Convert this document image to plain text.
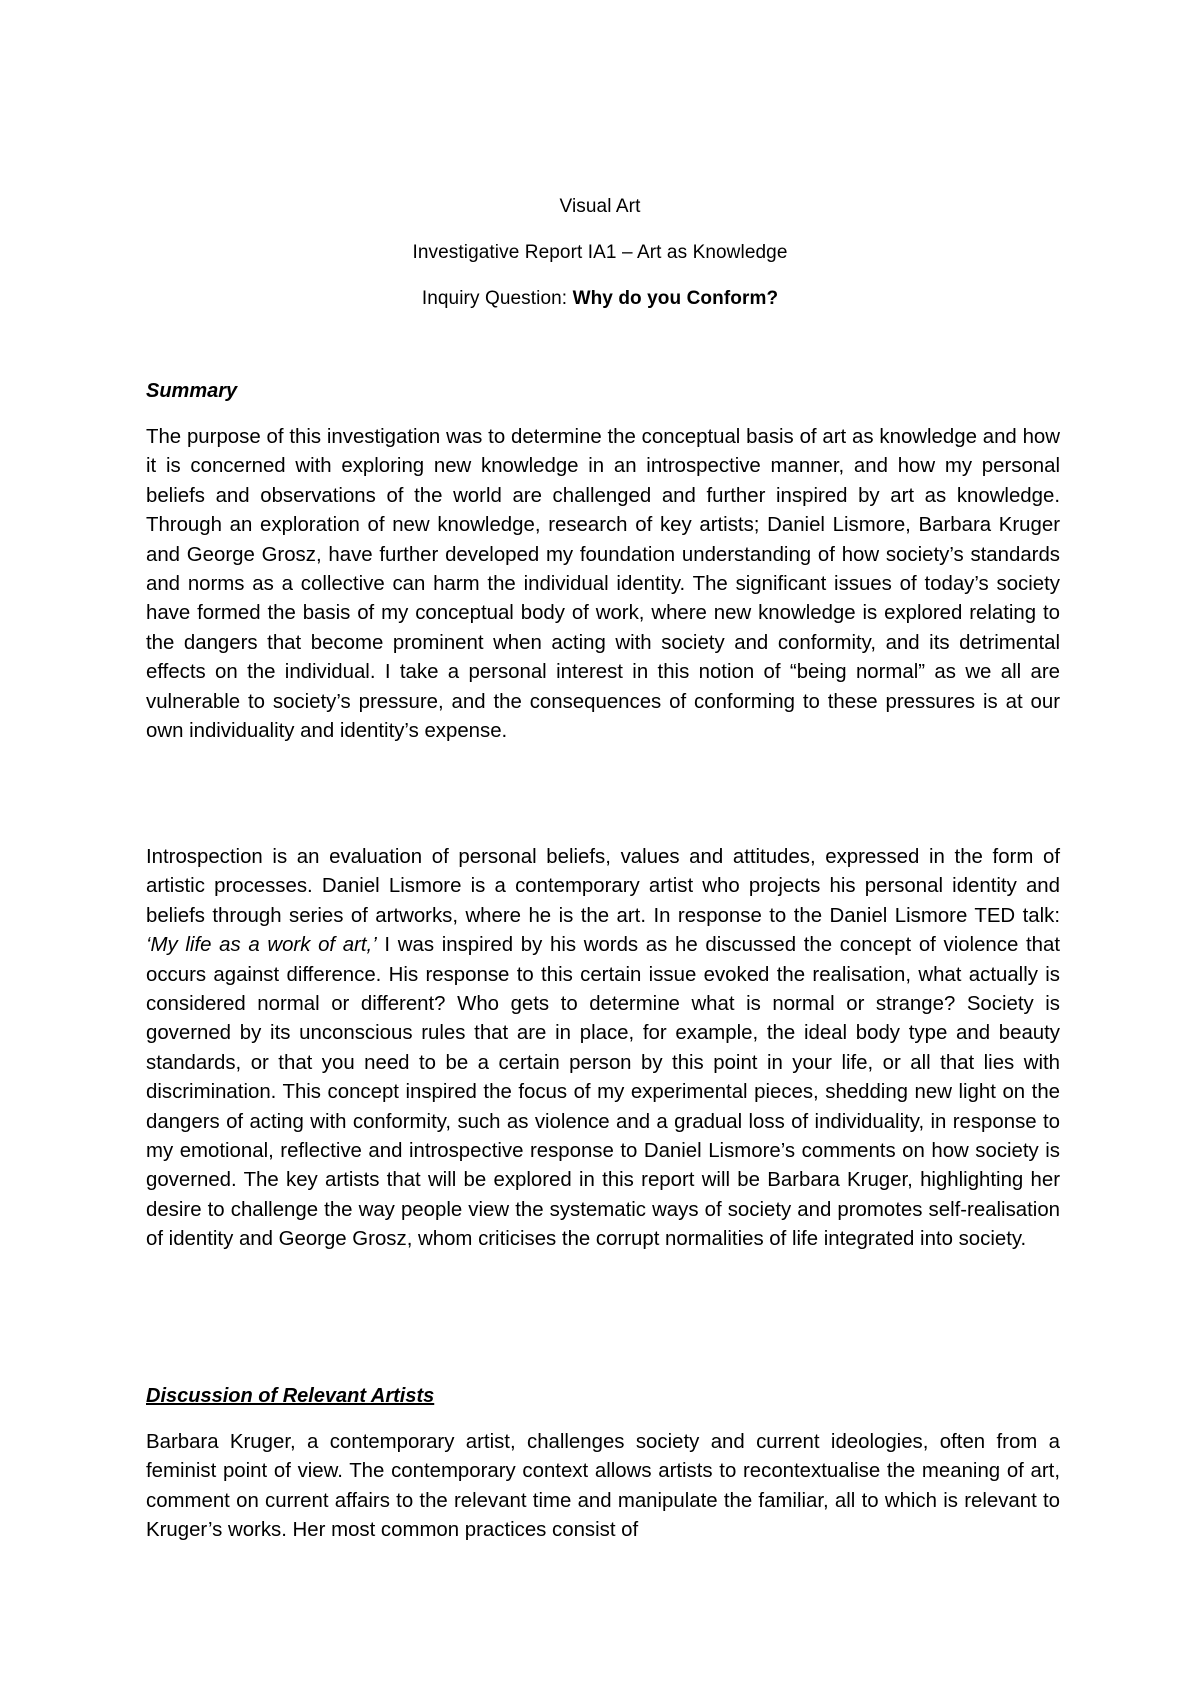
Visual Art
Investigative Report IA1 – Art as Knowledge
Inquiry Question: Why do you Conform?
Summary

The purpose of this investigation was to determine the conceptual basis of art as knowledge and how it is concerned with exploring new knowledge in an introspective manner, and how my personal beliefs and observations of the world are challenged and further inspired by art as knowledge. Through an exploration of new knowledge, research of key artists; Daniel Lismore, Barbara Kruger and George Grosz, have further developed my foundation understanding of how society’s standards and norms as a collective can harm the individual identity. The significant issues of today’s society have formed the basis of my conceptual body of work, where new knowledge is explored relating to the dangers that become prominent when acting with society and conformity, and its detrimental effects on the individual. I take a personal interest in this notion of “being normal” as we all are vulnerable to society’s pressure, and the consequences of conforming to these pressures is at our own individuality and identity’s expense.

Introspection is an evaluation of personal beliefs, values and attitudes, expressed in the form of artistic processes. Daniel Lismore is a contemporary artist who projects his personal identity and beliefs through series of artworks, where he is the art. In response to the Daniel Lismore TED talk: ‘My life as a work of art,’ I was inspired by his words as he discussed the concept of violence that occurs against difference. His response to this certain issue evoked the realisation, what actually is considered normal or different? Who gets to determine what is normal or strange? Society is governed by its unconscious rules that are in place, for example, the ideal body type and beauty standards, or that you need to be a certain person by this point in your life, or all that lies with discrimination. This concept inspired the focus of my experimental pieces, shedding new light on the dangers of acting with conformity, such as violence and a gradual loss of individuality, in response to my emotional, reflective and introspective response to Daniel Lismore’s comments on how society is governed. The key artists that will be explored in this report will be Barbara Kruger, highlighting her desire to challenge the way people view the systematic ways of society and promotes self-realisation of identity and George Grosz, whom criticises the corrupt normalities of life integrated into society.

Discussion of Relevant Artists

Barbara Kruger, a contemporary artist, challenges society and current ideologies, often from a feminist point of view. The contemporary context allows artists to recontextualise the meaning of art, comment on current affairs to the relevant time and manipulate the familiar, all to which is relevant to Kruger’s works. Her most common practices consist of
